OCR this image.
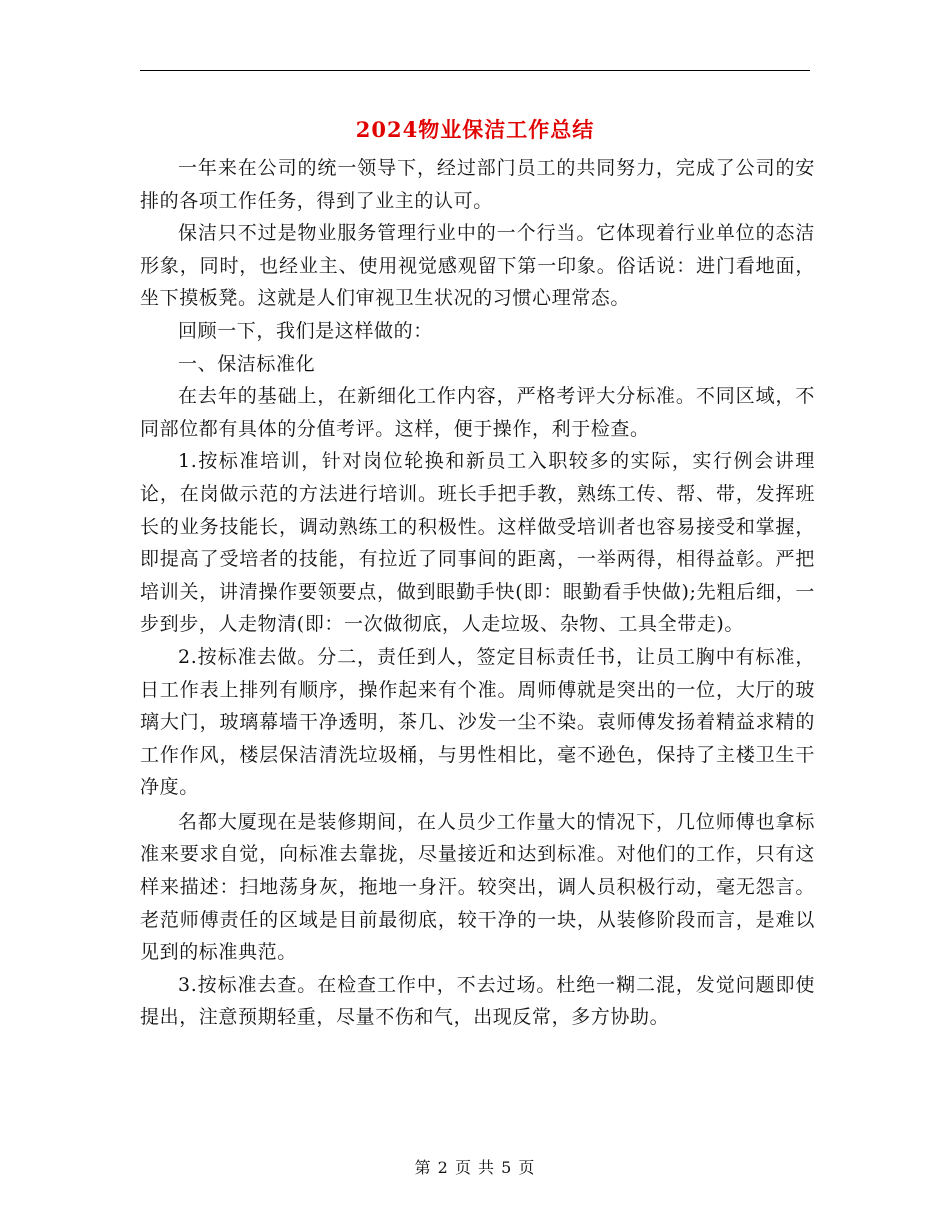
2024物业保洁工作总结

一年来在公司的统一领导下，经过部门员工的共同努力，完成了公司的安排的各项工作任务，得到了业主的认可。

保洁只不过是物业服务管理行业中的一个行当。它体现着行业单位的态洁形象，同时，也经业主、使用视觉感观留下第一印象。俗话说：进门看地面，坐下摸板凳。这就是人们审视卫生状况的习惯心理常态。

回顾一下，我们是这样做的：

一、保洁标准化

在去年的基础上，在新细化工作内容，严格考评大分标准。不同区域，不同部位都有具体的分值考评。这样，便于操作，利于检查。

1.按标准培训，针对岗位轮换和新员工入职较多的实际，实行例会讲理论，在岗做示范的方法进行培训。班长手把手教，熟练工传、帮、带，发挥班长的业务技能长，调动熟练工的积极性。这样做受培训者也容易接受和掌握，即提高了受培者的技能，有拉近了同事间的距离，一举两得，相得益彰。严把培训关，讲清操作要领要点，做到眼勤手快(即：眼勤看手快做);先粗后细，一步到步，人走物清(即：一次做彻底，人走垃圾、杂物、工具全带走)。

2.按标准去做。分二，责任到人，签定目标责任书，让员工胸中有标准，日工作表上排列有顺序，操作起来有个准。周师傅就是突出的一位，大厅的玻璃大门，玻璃幕墙干净透明，茶几、沙发一尘不染。袁师傅发扬着精益求精的工作作风，楼层保洁清洗垃圾桶，与男性相比，毫不逊色，保持了主楼卫生干净度。

名都大厦现在是装修期间，在人员少工作量大的情况下，几位师傅也拿标准来要求自觉，向标准去靠拢，尽量接近和达到标准。对他们的工作，只有这样来描述：扫地荡身灰，拖地一身汗。较突出，调人员积极行动，毫无怨言。老范师傅责任的区域是目前最彻底，较干净的一块，从装修阶段而言，是难以见到的标准典范。

3.按标准去查。在检查工作中，不去过场。杜绝一糊二混，发觉问题即使提出，注意预期轻重，尽量不伤和气，出现反常，多方协助。

第 2 页 共 5 页
